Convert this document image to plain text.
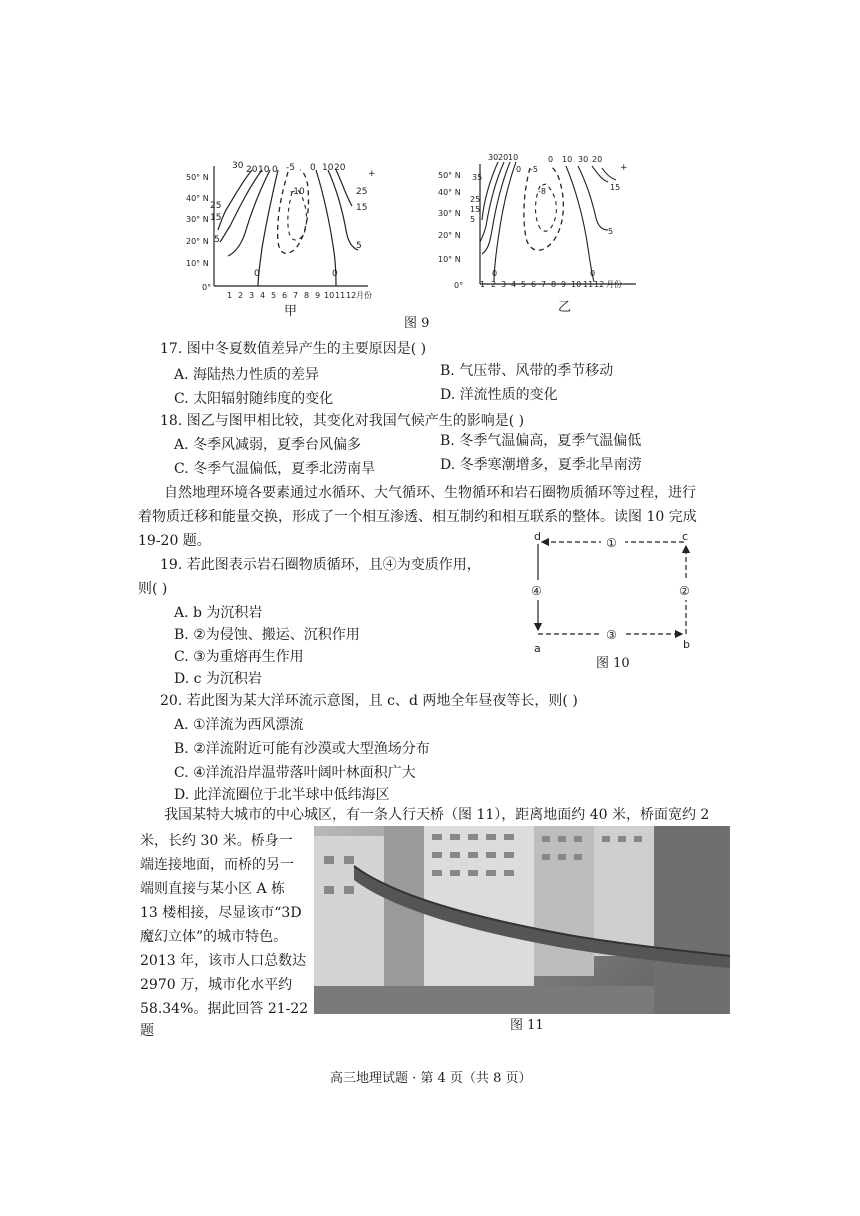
50° N
40° N
30° N
20° N
10° N
0°
1 2 3 4 5 6 7 8 9 10 11 12 月份
30 20 10 0 -5 0 10 20
25
15
5
-10
25
15
5
0	0
+
甲
50° N
40° N
30° N
20° N
10° N
0° 1 2 3 4 5 6 7 8 9 10 11 12 月份
35
30 20 10
0 -5
-8
0 10 30 20
15
5
25
15
5
0	0
+
乙
图 9
17. 图中冬夏数值差异产生的主要原因是( )
A. 海陆热力性质的差异	B. 气压带、风带的季节移动
C. 太阳辐射随纬度的变化	D. 洋流性质的变化
18. 图乙与图甲相比较，其变化对我国气候产生的影响是( )
A. 冬季风减弱，夏季台风偏多	B. 冬季气温偏高，夏季气温偏低
C. 冬季气温偏低，夏季北涝南旱	D. 冬季寒潮增多，夏季北旱南涝
自然地理环境各要素通过水循环、大气循环、生物循环和岩石圈物质循环等过程，进行
着物质迁移和能量交换，形成了一个相互渗透、相互制约和相互联系的整体。读图 10 完成
19-20 题。
19. 若此图表示岩石圈物质循环，且④为变质作用，
则( )
A. b 为沉积岩
B. ②为侵蚀、搬运、沉积作用
C. ③为重熔再生作用
D. c 为沉积岩
d	c
a	b
①
②
③
④
图 10
20. 若此图为某大洋环流示意图，且 c、d 两地全年昼夜等长，则( )
A. ①洋流为西风漂流
B. ②洋流附近可能有沙漠或大型渔场分布
C. ④洋流沿岸温带落叶阔叶林面积广大
D. 此洋流圈位于北半球中低纬海区
我国某特大城市的中心城区，有一条人行天桥（图 11），距离地面约 40 米，桥面宽约 2
米，长约 30 米。桥身一
端连接地面，而桥的另一
端则直接与某小区 A 栋
13 楼相接，尽显该市“3D
魔幻立体”的城市特色。
2013 年，该市人口总数达
2970 万，城市化水平约
58.34%。据此回答 21-22
题	图 11
高三地理试题 · 第 4 页（共 8 页）
